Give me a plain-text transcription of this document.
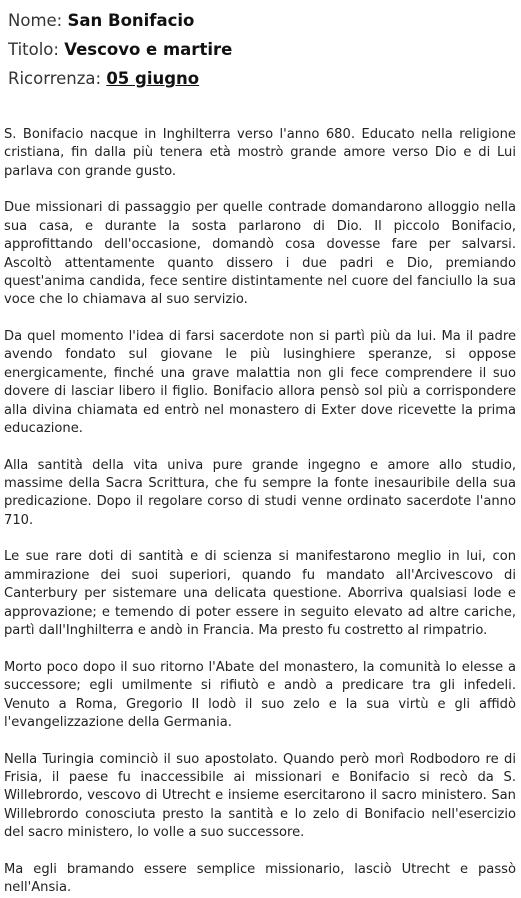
Nome: San Bonifacio
Titolo: Vescovo e martire
Ricorrenza: 05 giugno

S. Bonifacio nacque in Inghilterra verso l'anno 680. Educato nella religione cristiana, fin dalla più tenera età mostrò grande amore verso Dio e di Lui parlava con grande gusto.

Due missionari di passaggio per quelle contrade domandarono alloggio nella sua casa, e durante la sosta parlarono di Dio. Il piccolo Bonifacio, approfittando dell'occasione, domandò cosa dovesse fare per salvarsi. Ascoltò attentamente quanto dissero i due padri e Dio, premiando quest'anima candida, fece sentire distintamente nel cuore del fanciullo la sua voce che lo chiamava al suo servizio.

Da quel momento l'idea di farsi sacerdote non si partì più da lui. Ma il padre avendo fondato sul giovane le più lusinghiere speranze, si oppose energicamente, finché una grave malattia non gli fece comprendere il suo dovere di lasciar libero il figlio. Bonifacio allora pensò sol più a corrispondere alla divina chiamata ed entrò nel monastero di Exter dove ricevette la prima educazione.

Alla santità della vita univa pure grande ingegno e amore allo studio, massime della Sacra Scrittura, che fu sempre la fonte inesauribile della sua predicazione. Dopo il regolare corso di studi venne ordinato sacerdote l'anno 710.

Le sue rare doti di santità e di scienza si manifestarono meglio in lui, con ammirazione dei suoi superiori, quando fu mandato all'Arcivescovo di Canterbury per sistemare una delicata questione. Aborriva qualsiasi lode e approvazione; e temendo di poter essere in seguito elevato ad altre cariche, partì dall'Inghilterra e andò in Francia. Ma presto fu costretto al rimpatrio.

Morto poco dopo il suo ritorno l'Abate del monastero, la comunità lo elesse a successore; egli umilmente si rifiutò e andò a predicare tra gli infedeli. Venuto a Roma, Gregorio II lodò il suo zelo e la sua virtù e gli affidò l'evangelizzazione della Germania.

Nella Turingia cominciò il suo apostolato. Quando però morì Rodbodoro re di Frisia, il paese fu inaccessibile ai missionari e Bonifacio si recò da S. Willebrordo, vescovo di Utrecht e insieme esercitarono il sacro ministero. San Willebrordo conosciuta presto la santità e lo zelo di Bonifacio nell'esercizio del sacro ministero, lo volle a suo successore.

Ma egli bramando essere semplice missionario, lasciò Utrecht e passò nell'Ansia.
